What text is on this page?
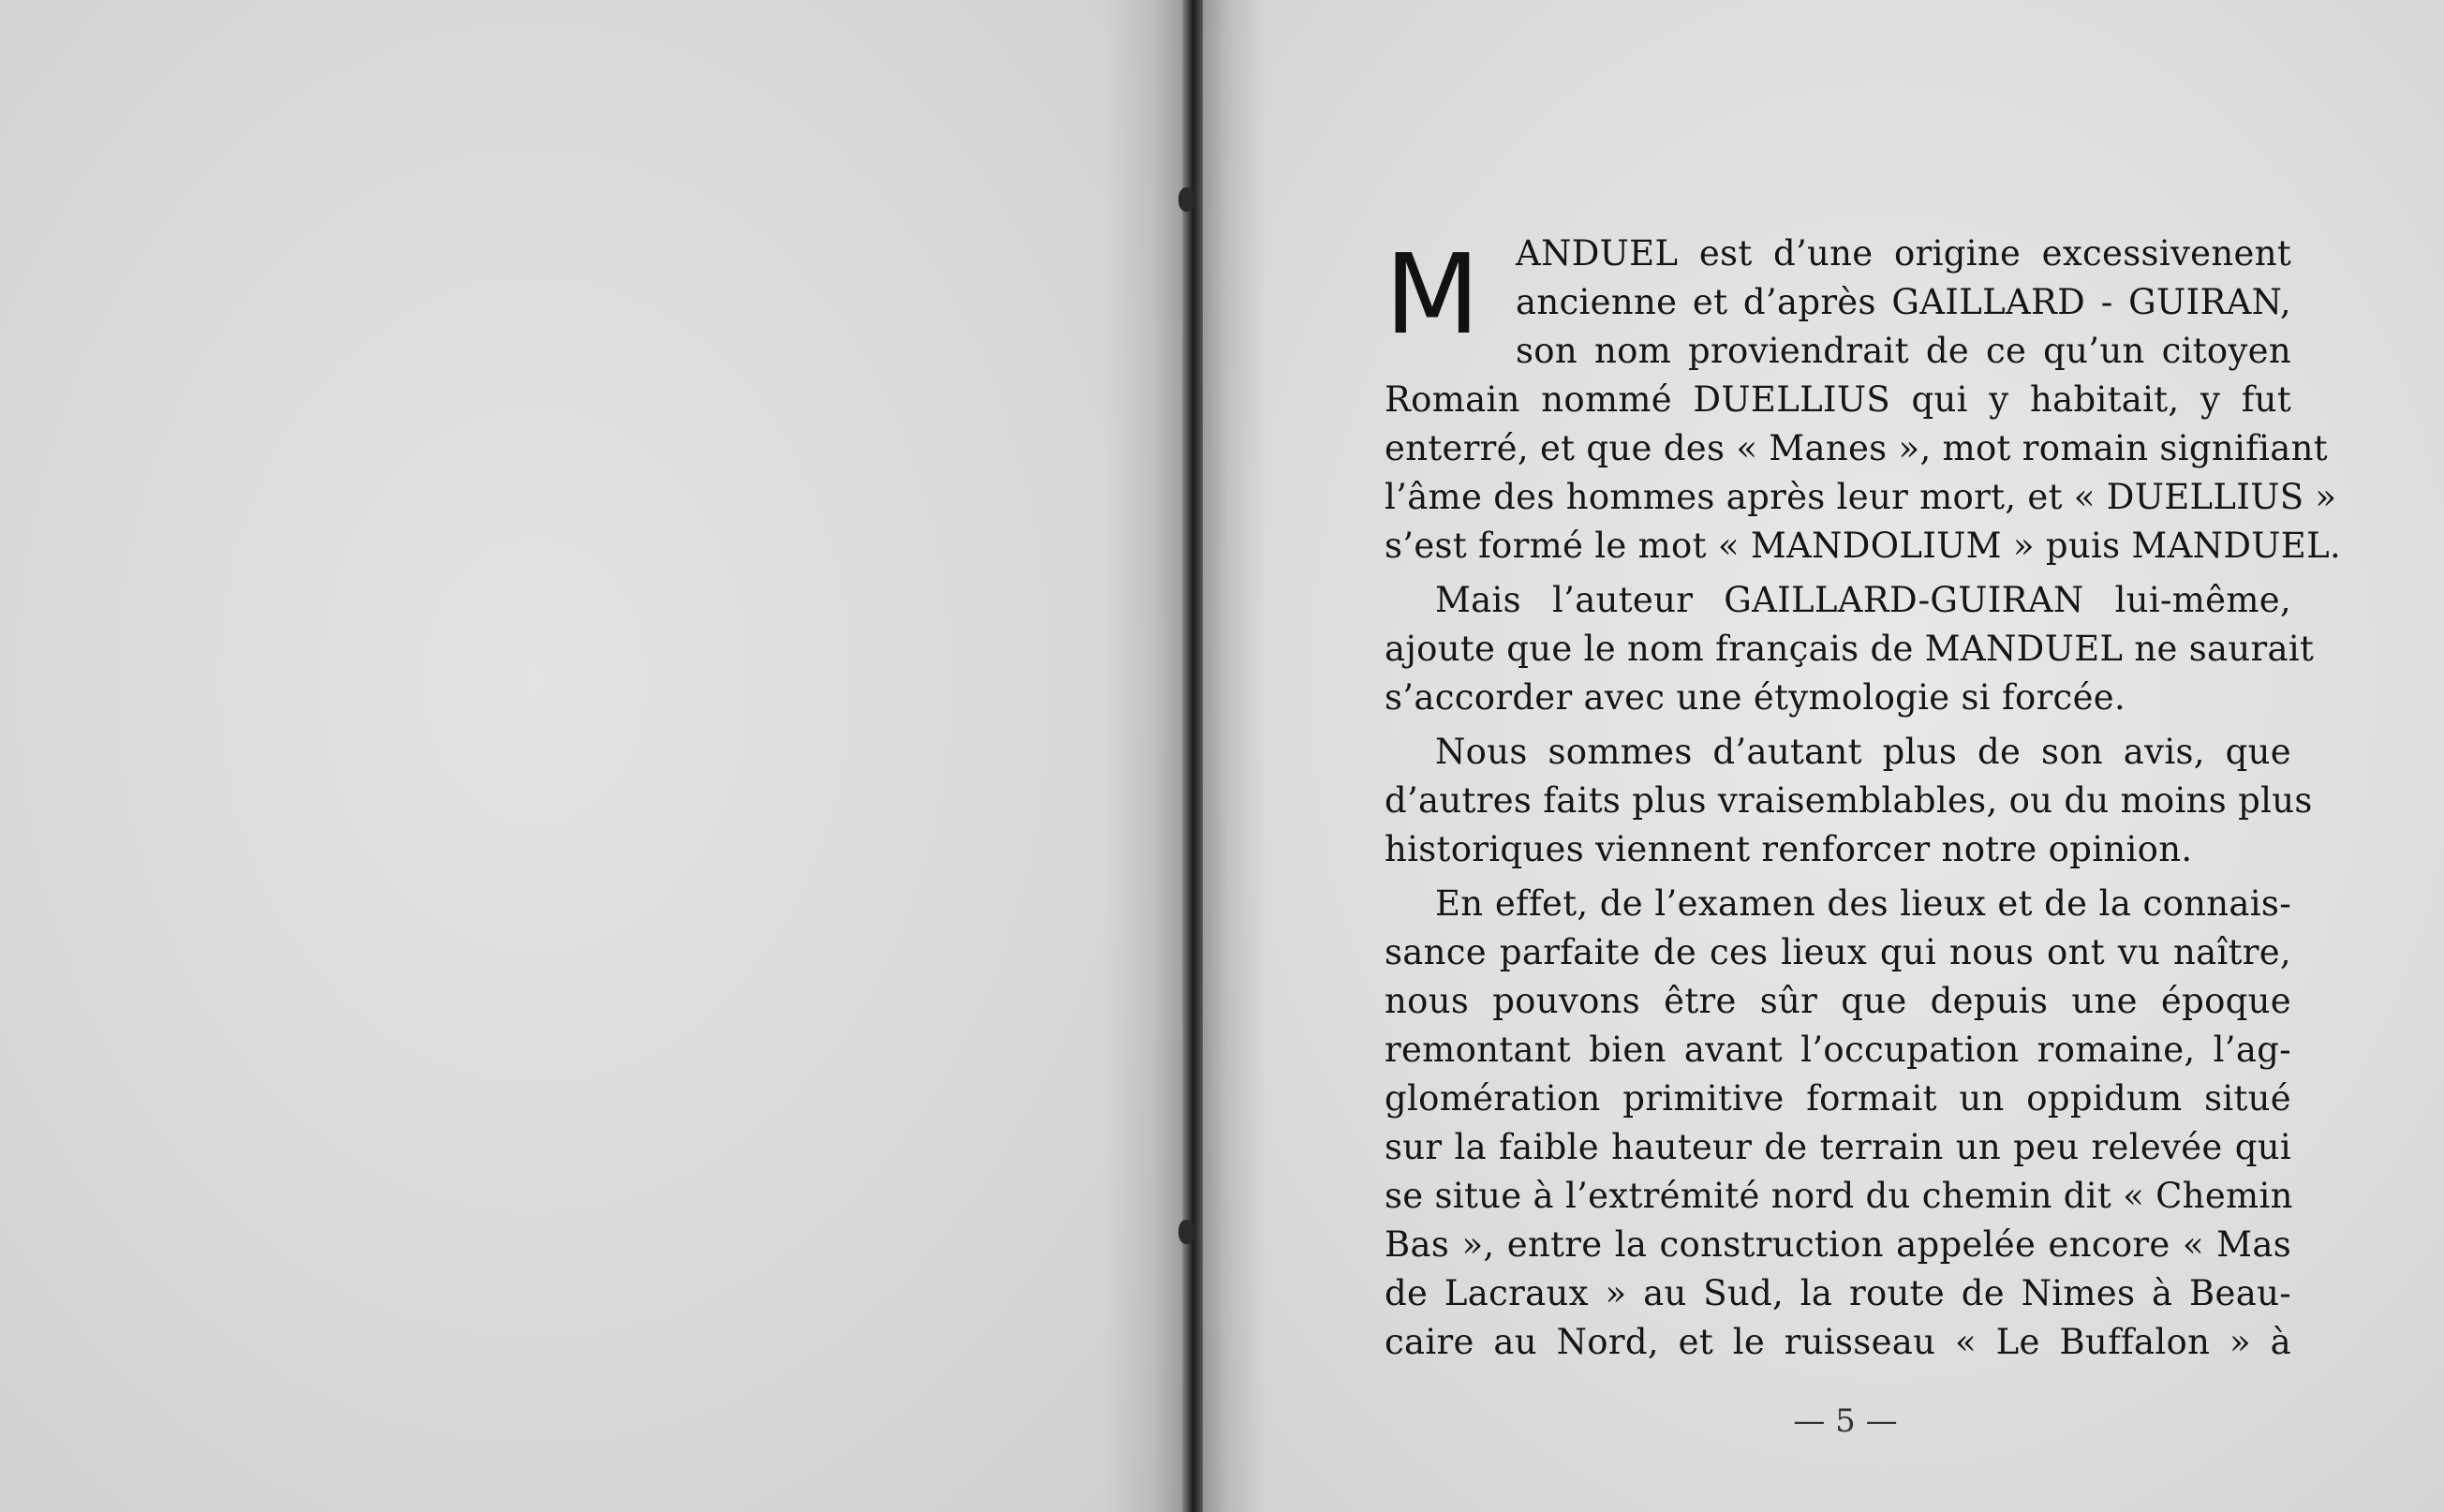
M	ANDUEL est d’une origine excessivenent
ancienne et d’après GAILLARD - GUIRAN,
son nom proviendrait de ce qu’un citoyen
Romain nommé DUELLIUS qui y habitait, y fut
enterré, et que des « Manes », mot romain signifiant
l’âme des hommes après leur mort, et « DUELLIUS »
s’est formé le mot « MANDOLIUM » puis MANDUEL.
Mais l’auteur GAILLARD-GUIRAN lui-même,
ajoute que le nom français de MANDUEL ne saurait
s’accorder avec une étymologie si forcée.
Nous sommes d’autant plus de son avis, que
d’autres faits plus vraisemblables, ou du moins plus
historiques viennent renforcer notre opinion.
En effet, de l’examen des lieux et de la connais-
sance parfaite de ces lieux qui nous ont vu naître,
nous pouvons être sûr que depuis une époque
remontant bien avant l’occupation romaine, l’ag-
glomération primitive formait un oppidum situé
sur la faible hauteur de terrain un peu relevée qui
se situe à l’extrémité nord du chemin dit « Chemin
Bas », entre la construction appelée encore « Mas
de Lacraux » au Sud, la route de Nimes à Beau-
caire au Nord, et le ruisseau « Le Buffalon » à
— 5 —
